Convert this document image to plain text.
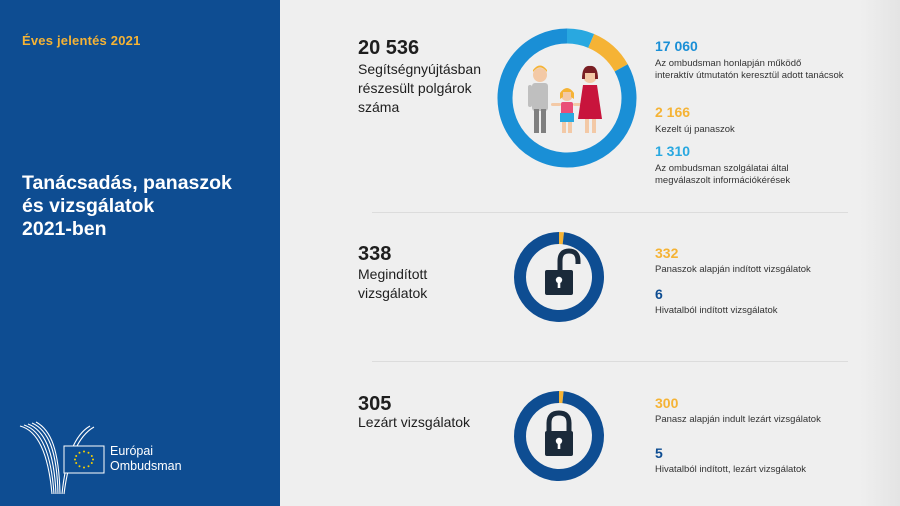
Éves jelentés 2021
Tanácsadás, panaszok
és vizsgálatok
2021-ben
Európai
Ombudsman
20 536
Segítségnyújtásban
részesült polgárok
száma
17 060
Az ombudsman honlapján működő
interaktív útmutatón keresztül adott tanácsok
2 166
Kezelt új panaszok
1 310
Az ombudsman szolgálatai által
megválaszolt információkérések
338
Megindított
vizsgálatok
332
Panaszok alapján indított vizsgálatok
6
Hivatalból indított vizsgálatok
305
Lezárt vizsgálatok
300
Panasz alapján indult lezárt vizsgálatok
5
Hivatalból indított, lezárt vizsgálatok
